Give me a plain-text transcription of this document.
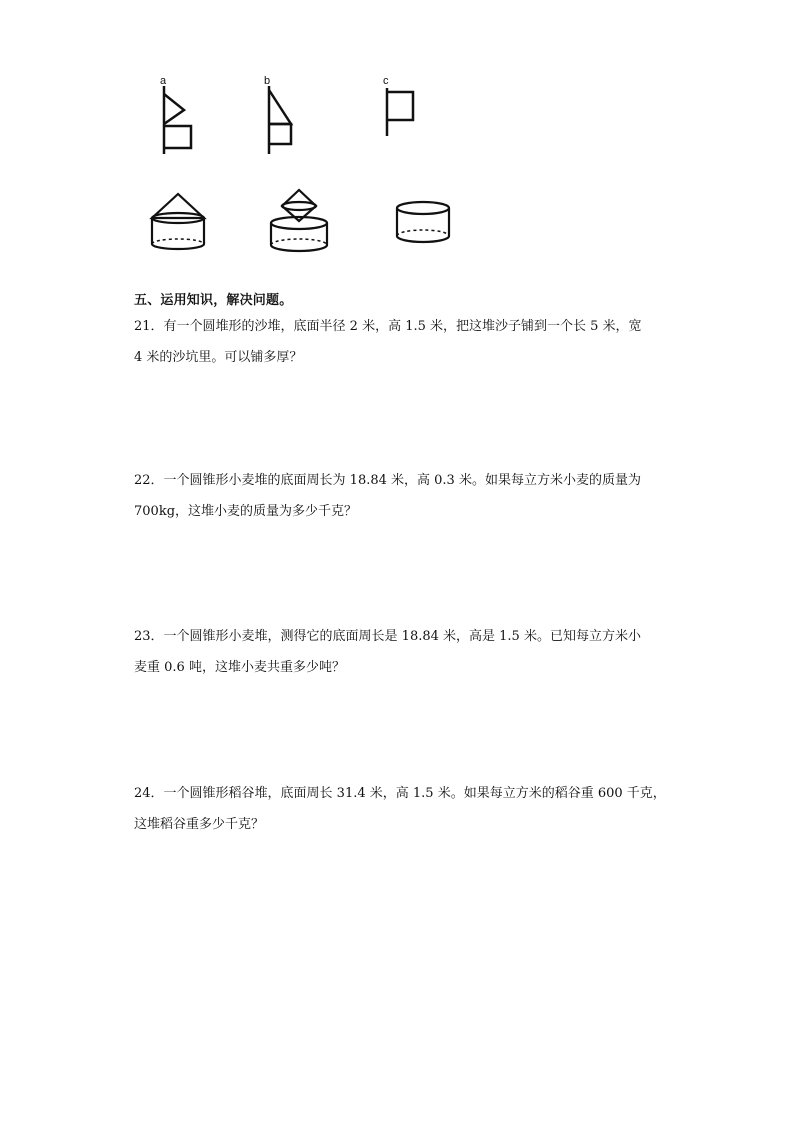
a	b	c
五、运用知识，解决问题。

21．有一个圆堆形的沙堆，底面半径 2 米，高 1.5 米，把这堆沙子铺到一个长 5 米，宽

4 米的沙坑里。可以铺多厚？

22．一个圆锥形小麦堆的底面周长为 18.84 米，高 0.3 米。如果每立方米小麦的质量为

700kg，这堆小麦的质量为多少千克？

23．一个圆锥形小麦堆，测得它的底面周长是 18.84 米，高是 1.5 米。已知每立方米小

麦重 0.6 吨，这堆小麦共重多少吨？

24．一个圆锥形稻谷堆，底面周长 31.4 米，高 1.5 米。如果每立方米的稻谷重 600 千克，

这堆稻谷重多少千克？
